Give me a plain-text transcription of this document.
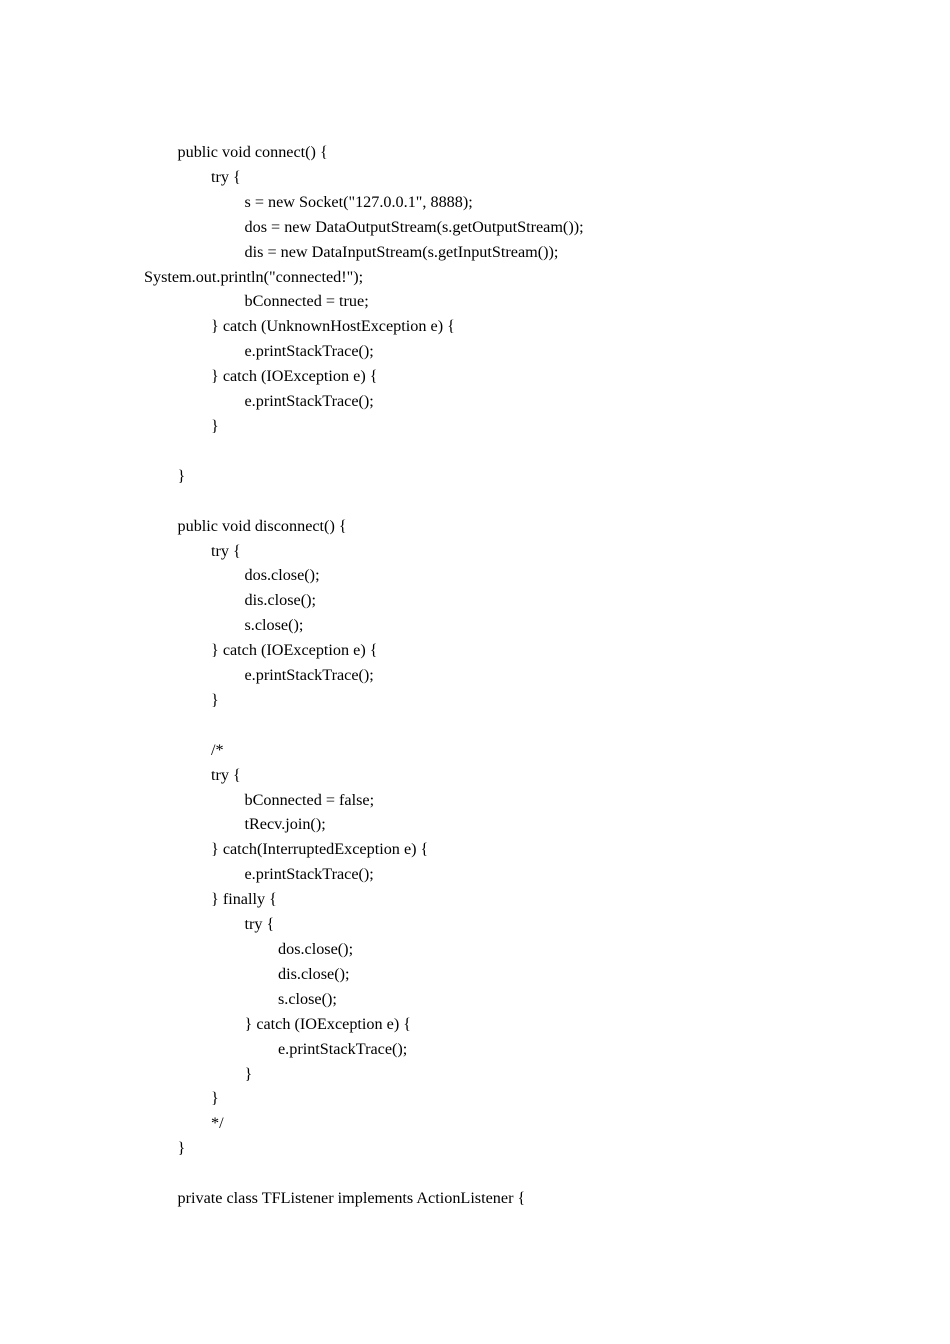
public void connect() {
try {
s = new Socket("127.0.0.1", 8888);
dos = new DataOutputStream(s.getOutputStream());
dis = new DataInputStream(s.getInputStream());
System.out.println("connected!");
bConnected = true;
} catch (UnknownHostException e) {
e.printStackTrace();
} catch (IOException e) {
e.printStackTrace();
}
}
public void disconnect() {
try {
dos.close();
dis.close();
s.close();
} catch (IOException e) {
e.printStackTrace();
}
/*
try {
bConnected = false;
tRecv.join();
} catch(InterruptedException e) {
e.printStackTrace();
} finally {
try {
dos.close();
dis.close();
s.close();
} catch (IOException e) {
e.printStackTrace();
}
}
*/
}
private class TFListener implements ActionListener {
